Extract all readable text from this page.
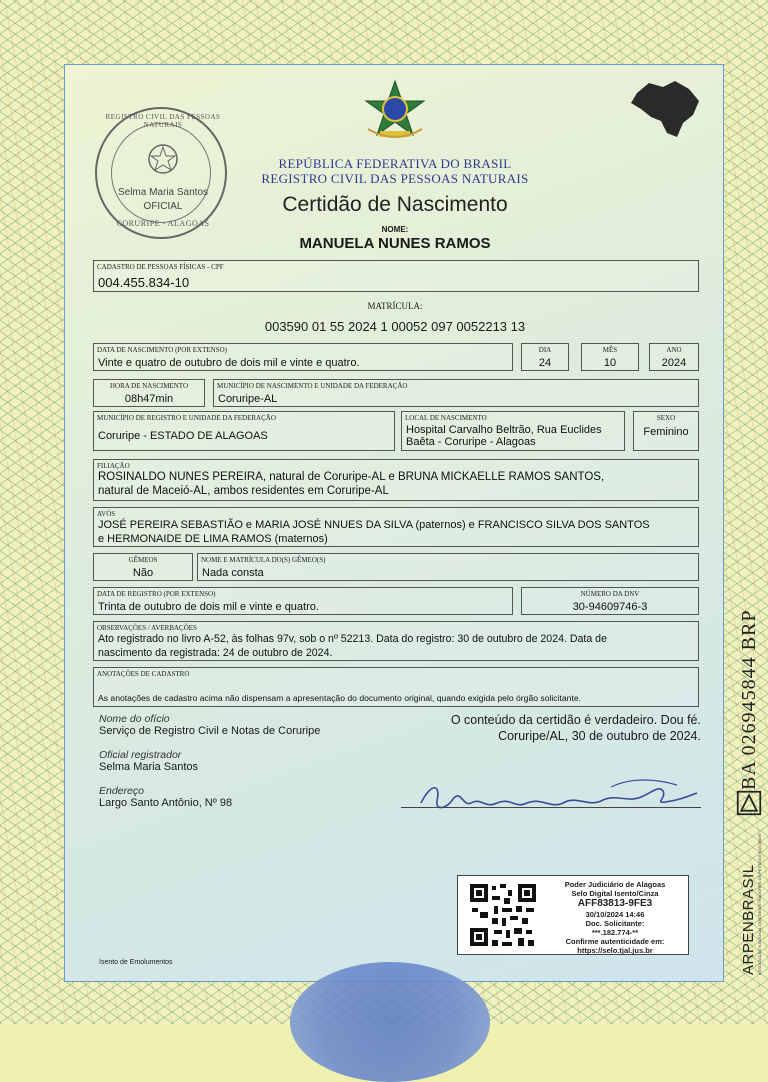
REGISTRO CIVIL DAS PESSOAS NATURAIS
Selma Maria Santos
OFICIAL
CORURIPE - ALAGOAS
REPÚBLICA FEDERATIVA DO BRASIL
REGISTRO CIVIL DAS PESSOAS NATURAIS
Certidão de Nascimento
NOME:
MANUELA NUNES RAMOS
CADASTRO DE PESSOAS FÍSICAS - CPF
004.455.834-10
MATRÍCULA:
003590 01 55 2024 1 00052 097 0052213 13
DATA DE NASCIMENTO (POR EXTENSO)
Vinte e quatro de outubro de dois mil e vinte e quatro.
DIA
24
MÊS
10
ANO
2024
HORA DE NASCIMENTO
08h47min
MUNICÍPIO DE NASCIMENTO E UNIDADE DA FEDERAÇÃO
Coruripe-AL
MUNICÍPIO DE REGISTRO E UNIDADE DA FEDERAÇÃO
Coruripe - ESTADO DE ALAGOAS
LOCAL DE NASCIMENTO
Hospital Carvalho Beltrão, Rua Euclides
Baêta - Coruripe - Alagoas
SEXO
Feminino
FILIAÇÃO
ROSINALDO NUNES PEREIRA, natural de Coruripe-AL e BRUNA MICKAELLE RAMOS SANTOS,
natural de Maceió-AL, ambos residentes em Coruripe-AL
AVÓS
JOSÉ PEREIRA SEBASTIÃO e MARIA JOSÉ NNUES DA SILVA (paternos) e FRANCISCO SILVA DOS SANTOS
e HERMONAIDE DE LIMA RAMOS (maternos)
GÊMEOS
Não
NOME E MATRÍCULA DO(S) GÊMEO(S)
Nada consta
DATA DE REGISTRO (POR EXTENSO)
Trinta de outubro de dois mil e vinte e quatro.
NÚMERO DA DNV
30-94609746-3
OBSERVAÇÕES / AVERBAÇÕES
Ato registrado no livro A-52, às folhas 97v, sob o nº 52213. Data do registro: 30 de outubro de 2024. Data de
nascimento da registrada: 24 de outubro de 2024.
ANOTAÇÕES DE CADASTRO
As anotações de cadastro acima não dispensam a apresentação do documento original, quando exigida pelo órgão solicitante.
Nome do ofício
Serviço de Registro Civil e Notas de Coruripe
Oficial registrador
Selma Maria Santos
Endereço
Largo Santo Antônio, Nº 98
O conteúdo da certidão é verdadeiro. Dou fé.
Coruripe/AL, 30 de outubro de 2024.
Poder Judiciário de Alagoas
Selo Digital Isento/Cinza
AFF83813-9FE3
30/10/2024 14:46
Doc. Solicitante:
***.182.774-**
Confirme autenticidade em:
https://selo.tjal.jus.br
Isento de Emolumentos
BA 026945844 BRP
ARPENBRASIL ASSOCIAÇÃO NACIONAL DOS REGISTRADORES DE PESSOAS NATURAIS
